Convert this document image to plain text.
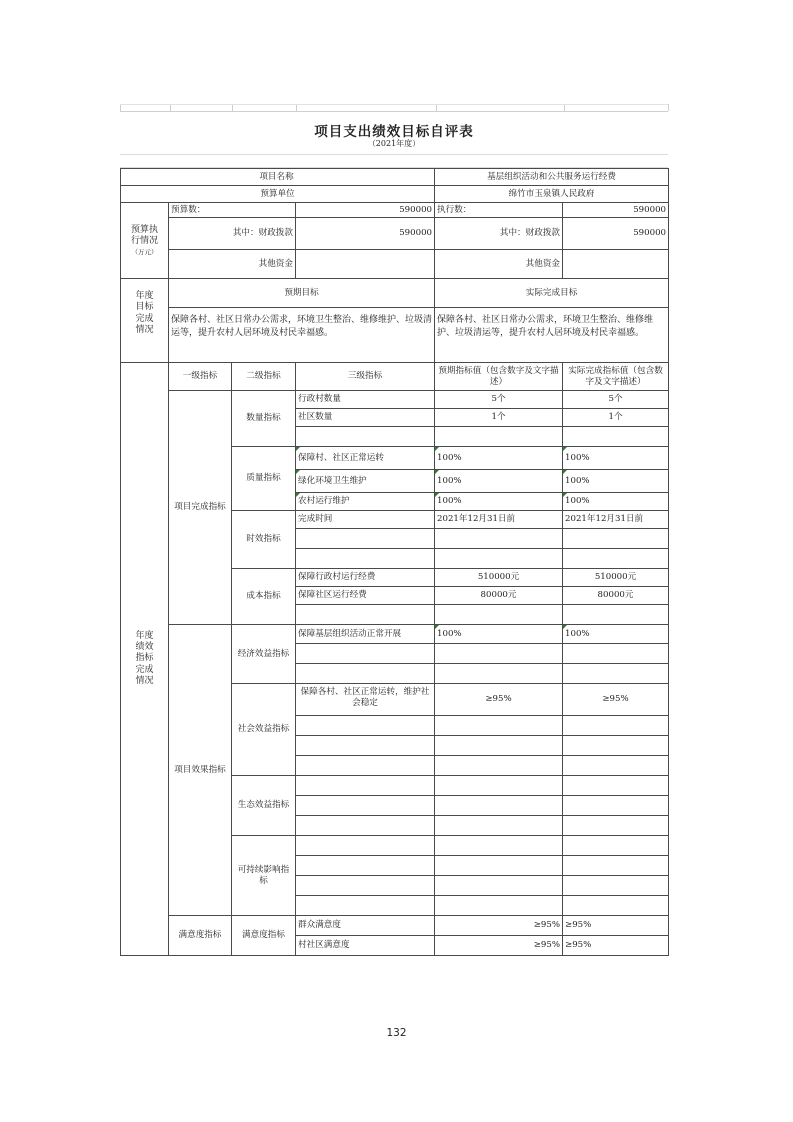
项目支出绩效目标自评表
（2021年度）
项目名称				基层组织活动和公共服务运行经费	
预算单位				绵竹市玉泉镇人民政府	

预算执行情况
（万元）	预算数：		590000	执行数：	590000
	其中：财政拨款		590000	其中：财政拨款	590000
	其他资金			其他资金	

年度目标完成情况	预期目标			实际完成目标	
	保障各村、社区日常办公需求，环境卫生整治、维修维护、垃圾清运等，提升农村人居环境及村民幸福感。			保障各村、社区日常办公需求，环境卫生整治、维修维护、垃圾清运等，提升农村人居环境及村民幸福感。	

年度绩效指标完成情况	一级指标	二级指标	三级指标	预期指标值（包含数字及文字描述）	实际完成指标值（包含数字及文字描述）
	项目完成指标	数量指标	行政村数量	5个	5个
			社区数量	1个	1个

		质量指标	保障村、社区正常运转	100%	100%
			绿化环境卫生维护	100%	100%
			农村运行维护	100%	100%
		时效指标	完成时间	2021年12月31日前	2021年12月31日前

		成本指标	保障行政村运行经费	510000元	510000元
			保障社区运行经费	80000元	80000元

	项目效果指标	经济效益指标	保障基层组织活动正常开展	100%	100%

		社会效益指标	保障各村、社区正常运转，维护社会稳定	≥95%	≥95%

		生态效益指标			

		可持续影响指标			

	满意度指标	满意度指标	群众满意度	≥95%	≥95%
			村社区满意度	≥95%	≥95%
132
